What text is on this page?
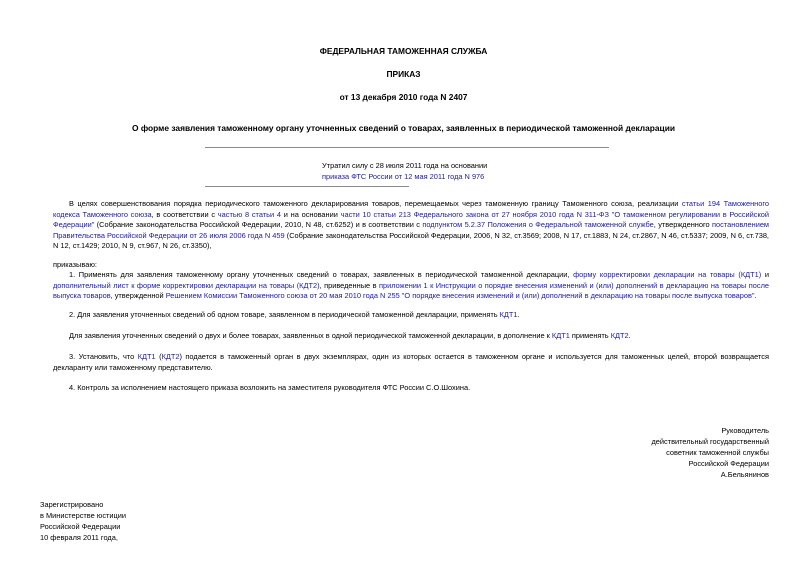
ФЕДЕРАЛЬНАЯ ТАМОЖЕННАЯ СЛУЖБА
ПРИКАЗ
от 13 декабря 2010 года N 2407
О форме заявления таможенному органу уточненных сведений о товарах, заявленных в периодической таможенной декларации
Утратил силу с 28 июля 2011 года на основании
приказа ФТС России от 12 мая 2011 года N 976
В целях совершенствования порядка периодического таможенного декларирования товаров, перемещаемых через таможенную границу Таможенного союза, реализации статьи 194 Таможенного кодекса Таможенного союза, в соответствии с частью 8 статьи 4 и на основании части 10 статьи 213 Федерального закона от 27 ноября 2010 года N 311-ФЗ "О таможенном регулировании в Российской Федерации" (Собрание законодательства Российской Федерации, 2010, N 48, ст.6252) и в соответствии с подпунктом 5.2.37 Положения о Федеральной таможенной службе, утвержденного постановлением Правительства Российской Федерации от 26 июля 2006 года N 459 (Собрание законодательства Российской Федерации, 2006, N 32, ст.3569; 2008, N 17, ст.1883, N 24, ст.2867, N 46, ст.5337; 2009, N 6, ст.738, N 12, ст.1429; 2010, N 9, ст.967, N 26, ст.3350),
приказываю:
1. Применять для заявления таможенному органу уточненных сведений о товарах, заявленных в периодической таможенной декларации, форму корректировки декларации на товары (КДТ1) и дополнительный лист к форме корректировки декларации на товары (КДТ2), приведенные в приложении 1 к Инструкции о порядке внесения изменений и (или) дополнений в декларацию на товары после выпуска товаров, утвержденной Решением Комиссии Таможенного союза от 20 мая 2010 года N 255 "О порядке внесения изменений и (или) дополнений в декларацию на товары после выпуска товаров".
2. Для заявления уточненных сведений об одном товаре, заявленном в периодической таможенной декларации, применять КДТ1.
Для заявления уточненных сведений о двух и более товарах, заявленных в одной периодической таможенной декларации, в дополнение к КДТ1 применять КДТ2.
3. Установить, что КДТ1 (КДТ2) подается в таможенный орган в двух экземплярах, один из которых остается в таможенном органе и используется для таможенных целей, второй возвращается декларанту или таможенному представителю.
4. Контроль за исполнением настоящего приказа возложить на заместителя руководителя ФТС России С.О.Шохина.
Руководитель
действительный государственный
советник таможенной службы
Российской Федерации
А.Бельянинов
Зарегистрировано
в Министерстве юстиции
Российской Федерации
10 февраля 2011 года,
